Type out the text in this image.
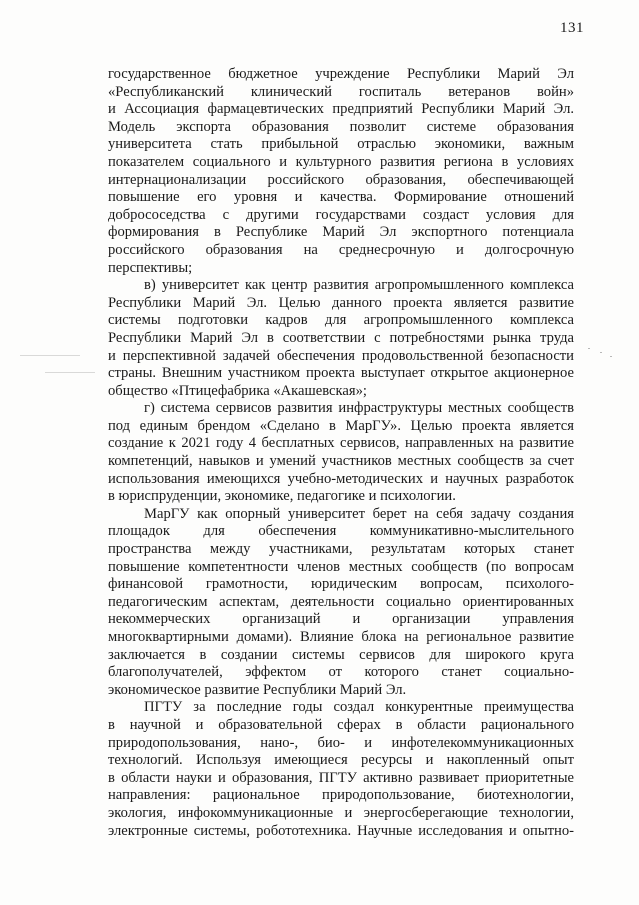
131
государственное бюджетное учреждение Республики Марий Эл
«Республиканский клинический госпиталь ветеранов войн»
и Ассоциация фармацевтических предприятий Республики Марий Эл.
Модель экспорта образования позволит системе образования
университета стать прибыльной отраслью экономики, важным
показателем социального и культурного развития региона в условиях
интернационализации российского образования, обеспечивающей
повышение его уровня и качества. Формирование отношений
добрососедства с другими государствами создаст условия для
формирования в Республике Марий Эл экспортного потенциала
российского образования на среднесрочную и долгосрочную
перспективы;
в) университет как центр развития агропромышленного комплекса
Республики Марий Эл. Целью данного проекта является развитие
системы подготовки кадров для агропромышленного комплекса
Республики Марий Эл в соответствии с потребностями рынка труда
и перспективной задачей обеспечения продовольственной безопасности
страны. Внешним участником проекта выступает открытое акционерное
общество «Птицефабрика «Акашевская»;
г) система сервисов развития инфраструктуры местных сообществ
под единым брендом «Сделано в МарГУ». Целью проекта является
создание к 2021 году 4 бесплатных сервисов, направленных на развитие
компетенций, навыков и умений участников местных сообществ за счет
использования имеющихся учебно-методических и научных разработок
в юриспруденции, экономике, педагогике и психологии.
МарГУ как опорный университет берет на себя задачу создания
площадок для обеспечения коммуникативно-мыслительного
пространства между участниками, результатам которых станет
повышение компетентности членов местных сообществ (по вопросам
финансовой грамотности, юридическим вопросам, психолого-
педагогическим аспектам, деятельности социально ориентированных
некоммерческих организаций и организации управления
многоквартирными домами). Влияние блока на региональное развитие
заключается в создании системы сервисов для широкого круга
благополучателей, эффектом от которого станет социально-
экономическое развитие Республики Марий Эл.
ПГТУ за последние годы создал конкурентные преимущества
в научной и образовательной сферах в области рационального
природопользования, нано-, био- и инфотелекоммуникационных
технологий. Используя имеющиеся ресурсы и накопленный опыт
в области науки и образования, ПГТУ активно развивает приоритетные
направления: рациональное природопользование, биотехнологии,
экология, инфокоммуникационные и энергосберегающие технологии,
электронные системы, робототехника. Научные исследования и опытно-
